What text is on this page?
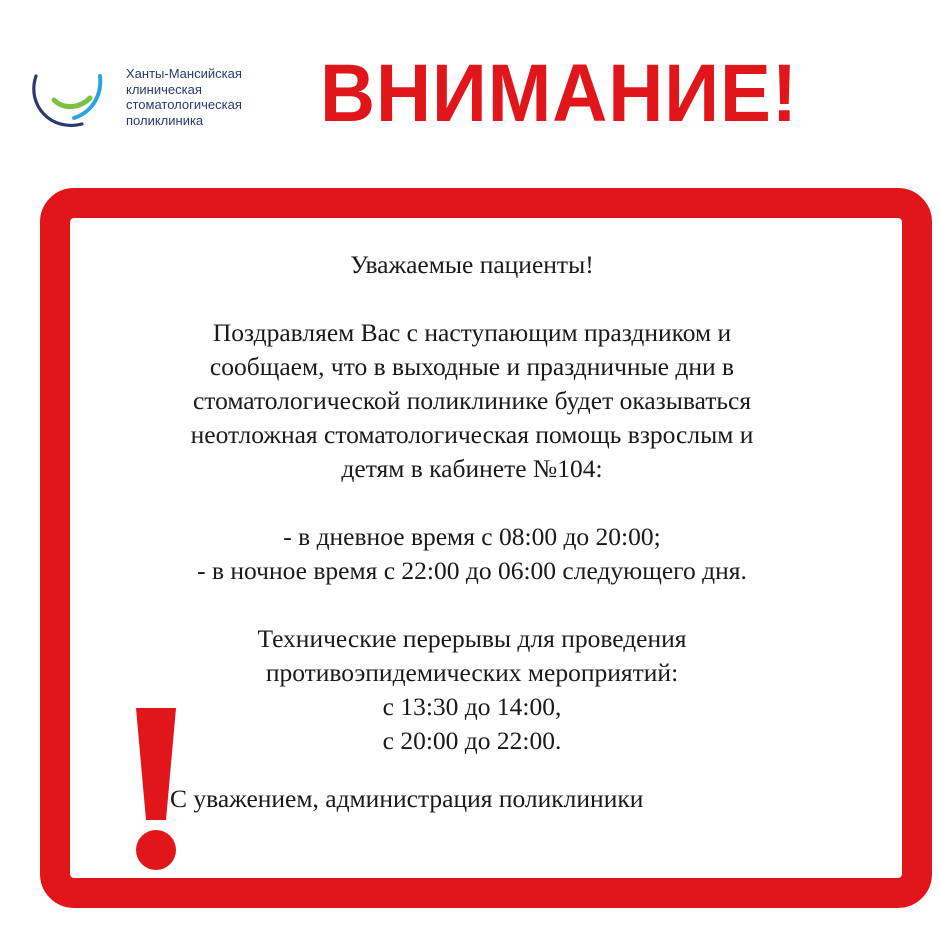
Ханты-Мансийская
клиническая
стоматологическая
поликлиника	ВНИМАНИЕ!

Уважаемые пациенты!

Поздравляем Вас с наступающим праздником и

сообщаем, что в выходные и праздничные дни в

стоматологической поликлинике будет оказываться

неотложная стоматологическая помощь взрослым и

детям в кабинете №104:

- в дневное время с 08:00 до 20:00;

- в ночное время с 22:00 до 06:00 следующего дня.

Технические перерывы для проведения

противоэпидемических мероприятий:

с 13:30 до 14:00,

с 20:00 до 22:00.

С уважением, администрация поликлиники
